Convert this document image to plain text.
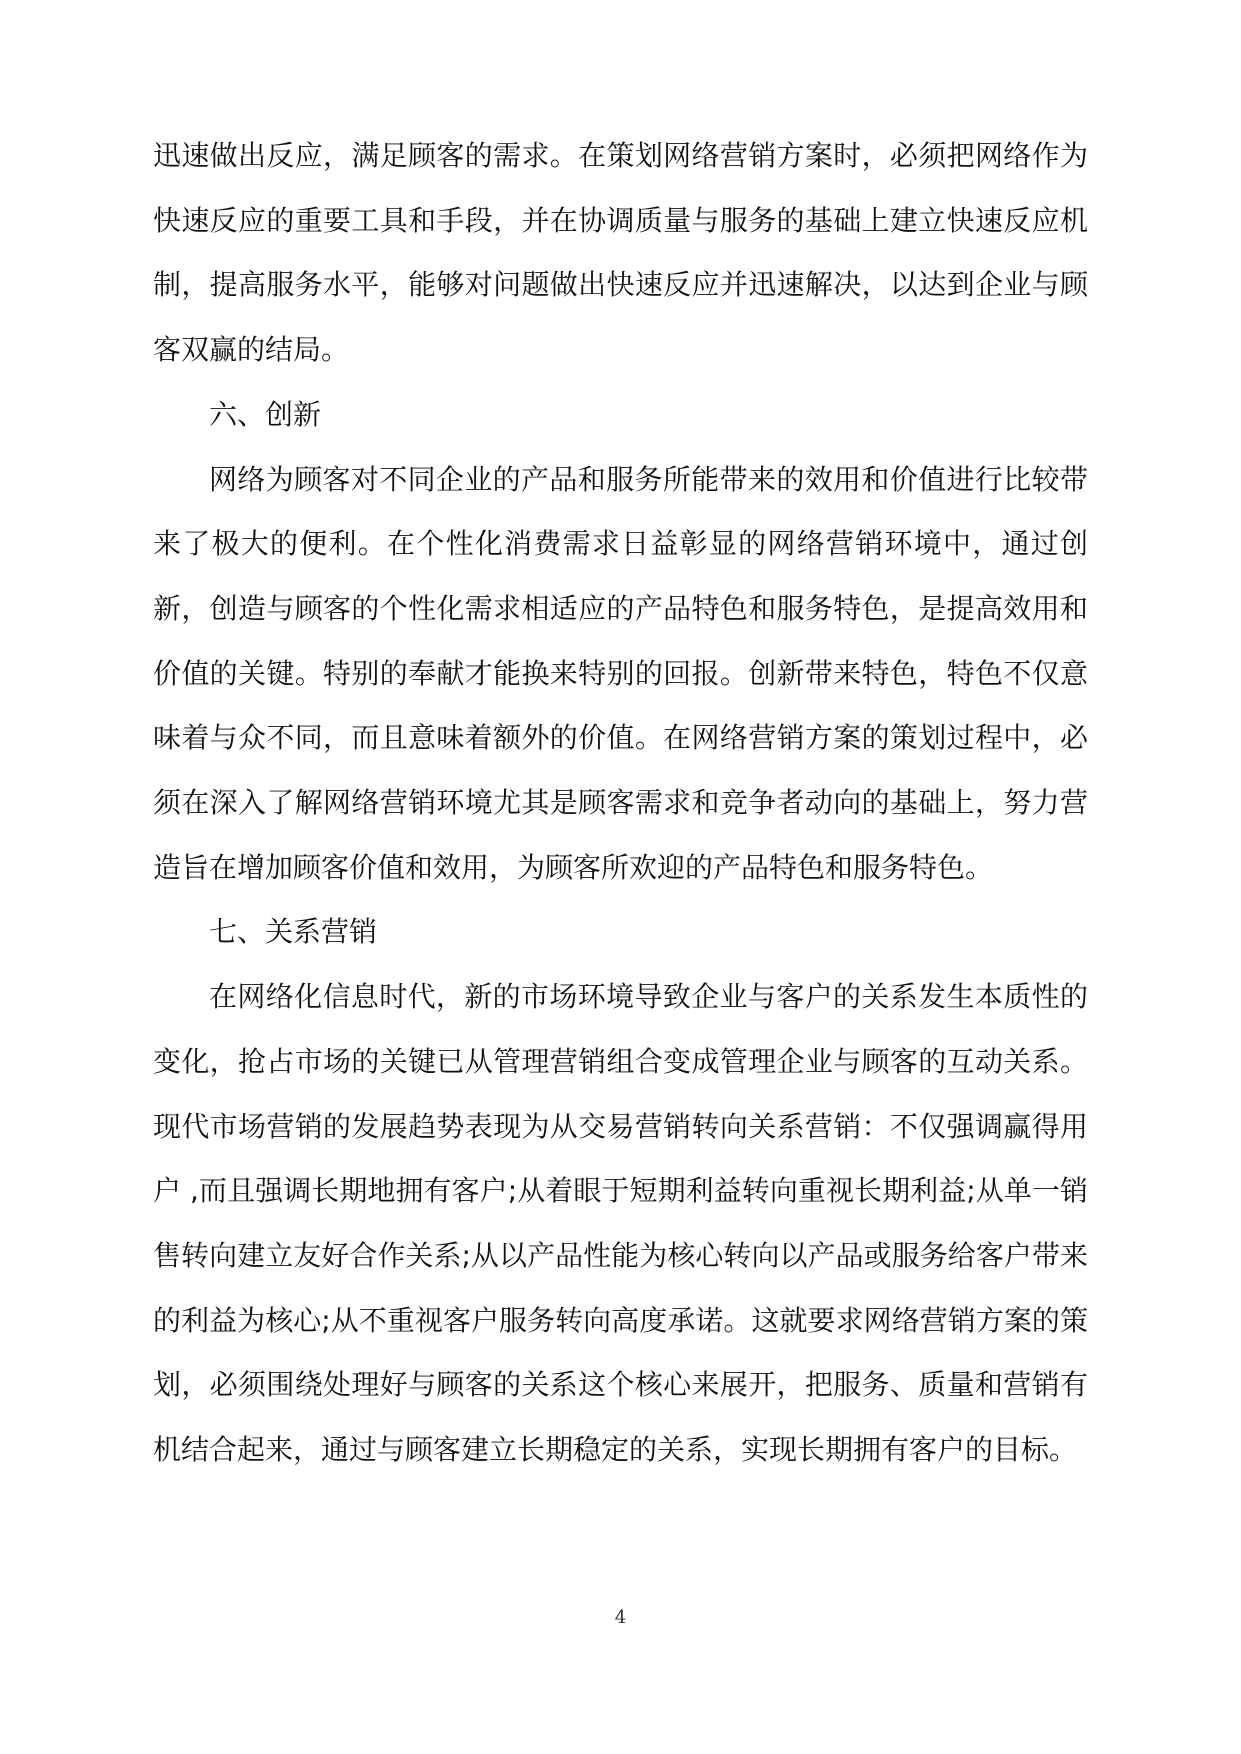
迅速做出反应，满足顾客的需求。在策划网络营销方案时，必须把网络作为快速反应的重要工具和手段，并在协调质量与服务的基础上建立快速反应机制，提高服务水平，能够对问题做出快速反应并迅速解决，以达到企业与顾客双赢的结局。

六、创新

网络为顾客对不同企业的产品和服务所能带来的效用和价值进行比较带来了极大的便利。在个性化消费需求日益彰显的网络营销环境中，通过创新，创造与顾客的个性化需求相适应的产品特色和服务特色，是提高效用和价值的关键。特别的奉献才能换来特别的回报。创新带来特色，特色不仅意味着与众不同，而且意味着额外的价值。在网络营销方案的策划过程中，必须在深入了解网络营销环境尤其是顾客需求和竞争者动向的基础上，努力营造旨在增加顾客价值和效用，为顾客所欢迎的产品特色和服务特色。

七、关系营销

在网络化信息时代，新的市场环境导致企业与客户的关系发生本质性的变化，抢占市场的关键已从管理营销组合变成管理企业与顾客的互动关系。现代市场营销的发展趋势表现为从交易营销转向关系营销：不仅强调赢得用户 ,而且强调长期地拥有客户;从着眼于短期利益转向重视长期利益;从单一销售转向建立友好合作关系;从以产品性能为核心转向以产品或服务给客户带来的利益为核心;从不重视客户服务转向高度承诺。这就要求网络营销方案的策划，必须围绕处理好与顾客的关系这个核心来展开，把服务、质量和营销有机结合起来，通过与顾客建立长期稳定的关系，实现长期拥有客户的目标。

4
